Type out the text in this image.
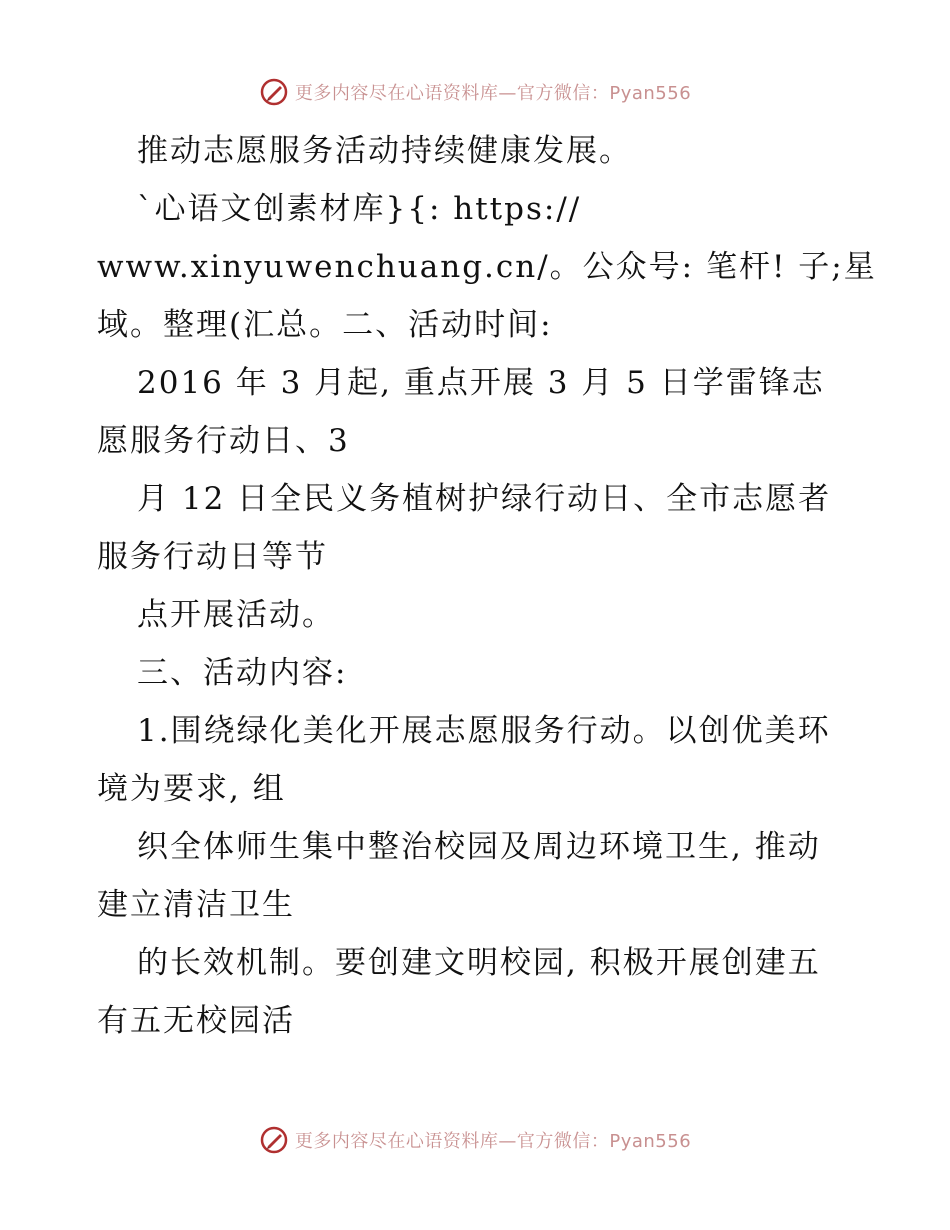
更多内容尽在心语资料库—官方微信：Pyan556
推动志愿服务活动持续健康发展。
`心语文创素材库}{: https://
www.xinyuwenchuang.cn/。公众号: 笔杆! 子;星
域。整理(汇总。二、活动时间:
2016 年 3 月起, 重点开展 3 月 5 日学雷锋志
愿服务行动日、3
月 12 日全民义务植树护绿行动日、全市志愿者
服务行动日等节
点开展活动。
三、活动内容:
1.围绕绿化美化开展志愿服务行动。以创优美环
境为要求, 组
织全体师生集中整治校园及周边环境卫生, 推动
建立清洁卫生
的长效机制。要创建文明校园, 积极开展创建五
有五无校园活
更多内容尽在心语资料库—官方微信：Pyan556
